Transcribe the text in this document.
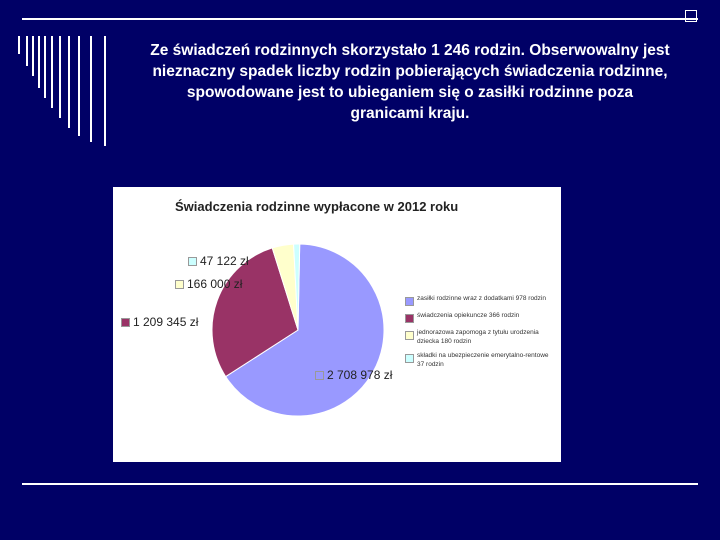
Ze świadczeń rodzinnych skorzystało 1 246 rodzin. Obserwowalny jest nieznaczny spadek liczby rodzin pobierających świadczenia rodzinne, spowodowane jest to ubieganiem się o zasiłki rodzinne poza granicami kraju.
Świadczenia rodzinne wypłacone w 2012 roku
47 122 zł
166 000 zł
1 209 345 zł
2 708 978 zł
zasiłki rodzinne wraz z dodatkami 978 rodzin
świadczenia opiekuncze 366 rodzin
jednorazowa zapomoga z tytułu urodzenia dziecka 180 rodzin
składki na ubezpieczenie emerytalno-rentowe 37 rodzin
